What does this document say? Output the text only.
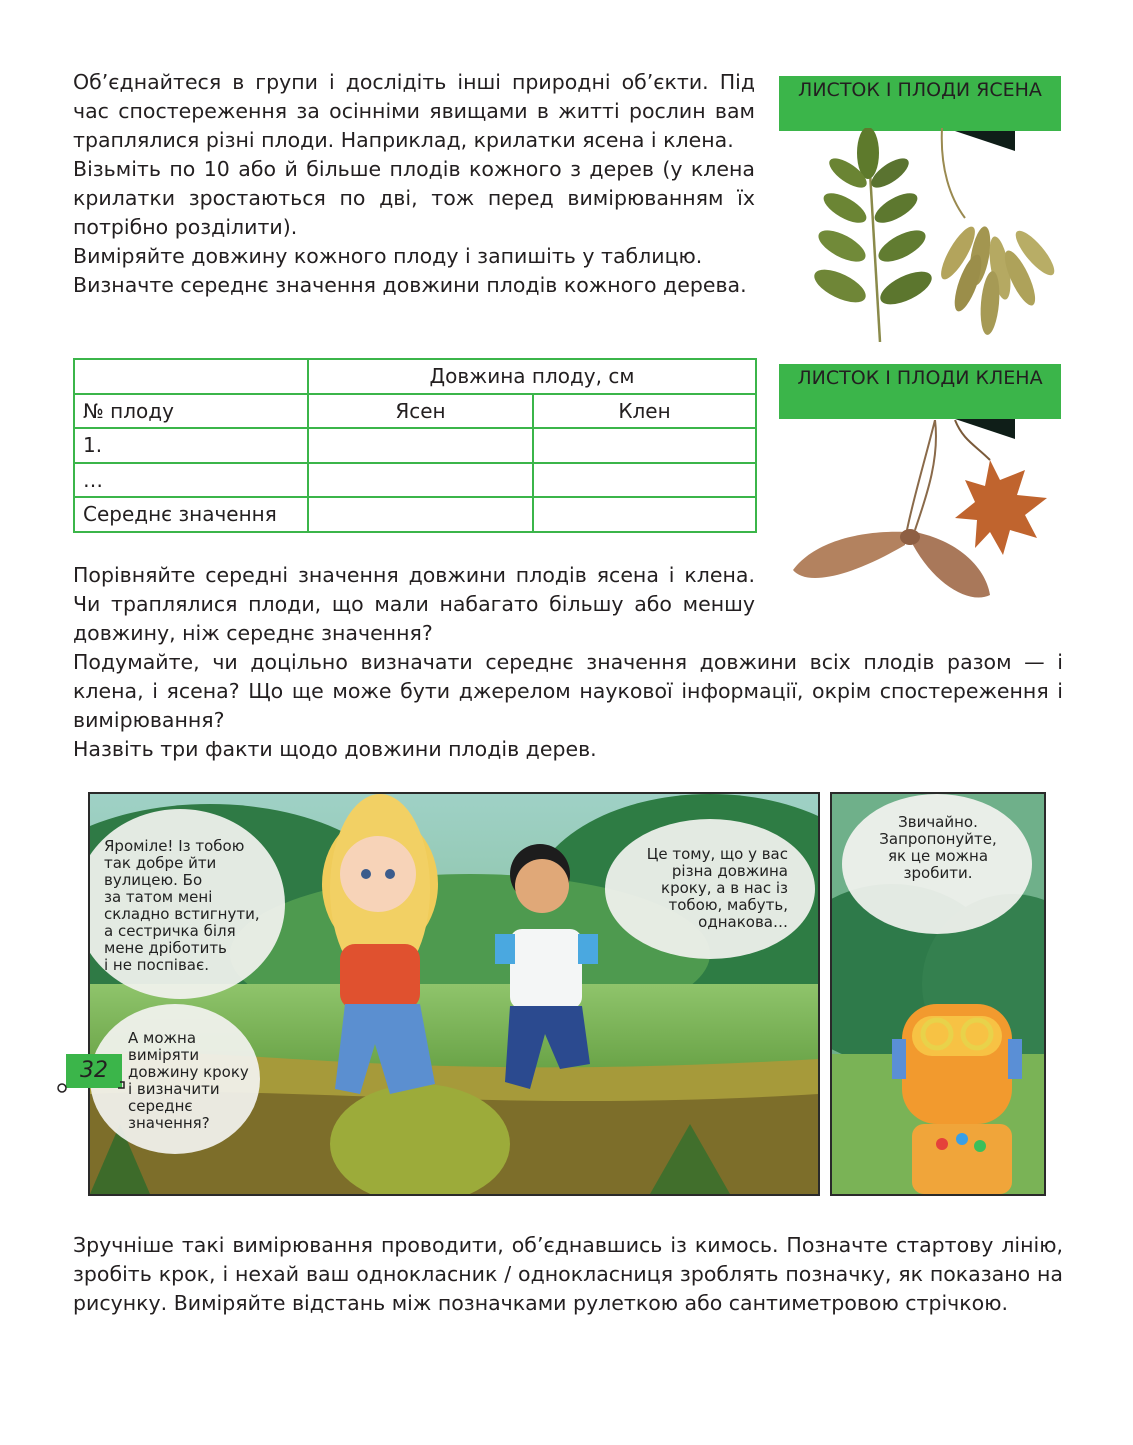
Об’єднайтеся в групи і дослідіть інші природні об’єкти. Під час спостереження за осінніми явищами в житті рослин вам траплялися різні плоди. Наприклад, крилатки ясена і клена.

Візьміть по 10 або й більше плодів кожного з дерев (у клена крилатки зростаються по дві, тож перед вимірюванням їх потрібно розділити).

Виміряйте довжину кожного плоду і запишіть у таблицю.

Визначте середнє значення довжини плодів кожного дерева.

ЛИСТОК І ПЛОДИ ЯСЕНА
ЛИСТОК І ПЛОДИ КЛЕНА
	Довжина плоду, см	
№ плоду	Ясен	Клен
1.		
…		
Середнє значення		
Порівняйте середні значення довжини плодів ясена і клена. Чи траплялися плоди, що мали набагато більшу або меншу довжину, ніж середнє значення?

Подумайте, чи доцільно визначати середнє значення довжини всіх плодів разом — і клена, і ясена? Що ще може бути джерелом наукової інформації, окрім спостереження і вимірювання?

Назвіть три факти щодо довжини плодів дерев.

Яроміле! Із тобою
так добре йти
вулицею. Бо
за татом мені
складно встигнути,
а сестричка біля
мене дріботить
і не поспіває.
А можна
виміряти
довжину кроку
і визначити
середнє
значення?
Це тому, що у вас
різна довжина
кроку, а в нас із
тобою, мабуть,
однакова…
Звичайно.
Запропонуйте,
як це можна
зробити.
Зручніше такі вимірювання проводити, об’єднавшись із кимось. Позначте стартову лінію, зробіть крок, і нехай ваш однокласник / однокласниця зроблять позначку, як показано на рисунку. Виміряйте відстань між позначками рулеткою або сантиметровою стрічкою.
32
